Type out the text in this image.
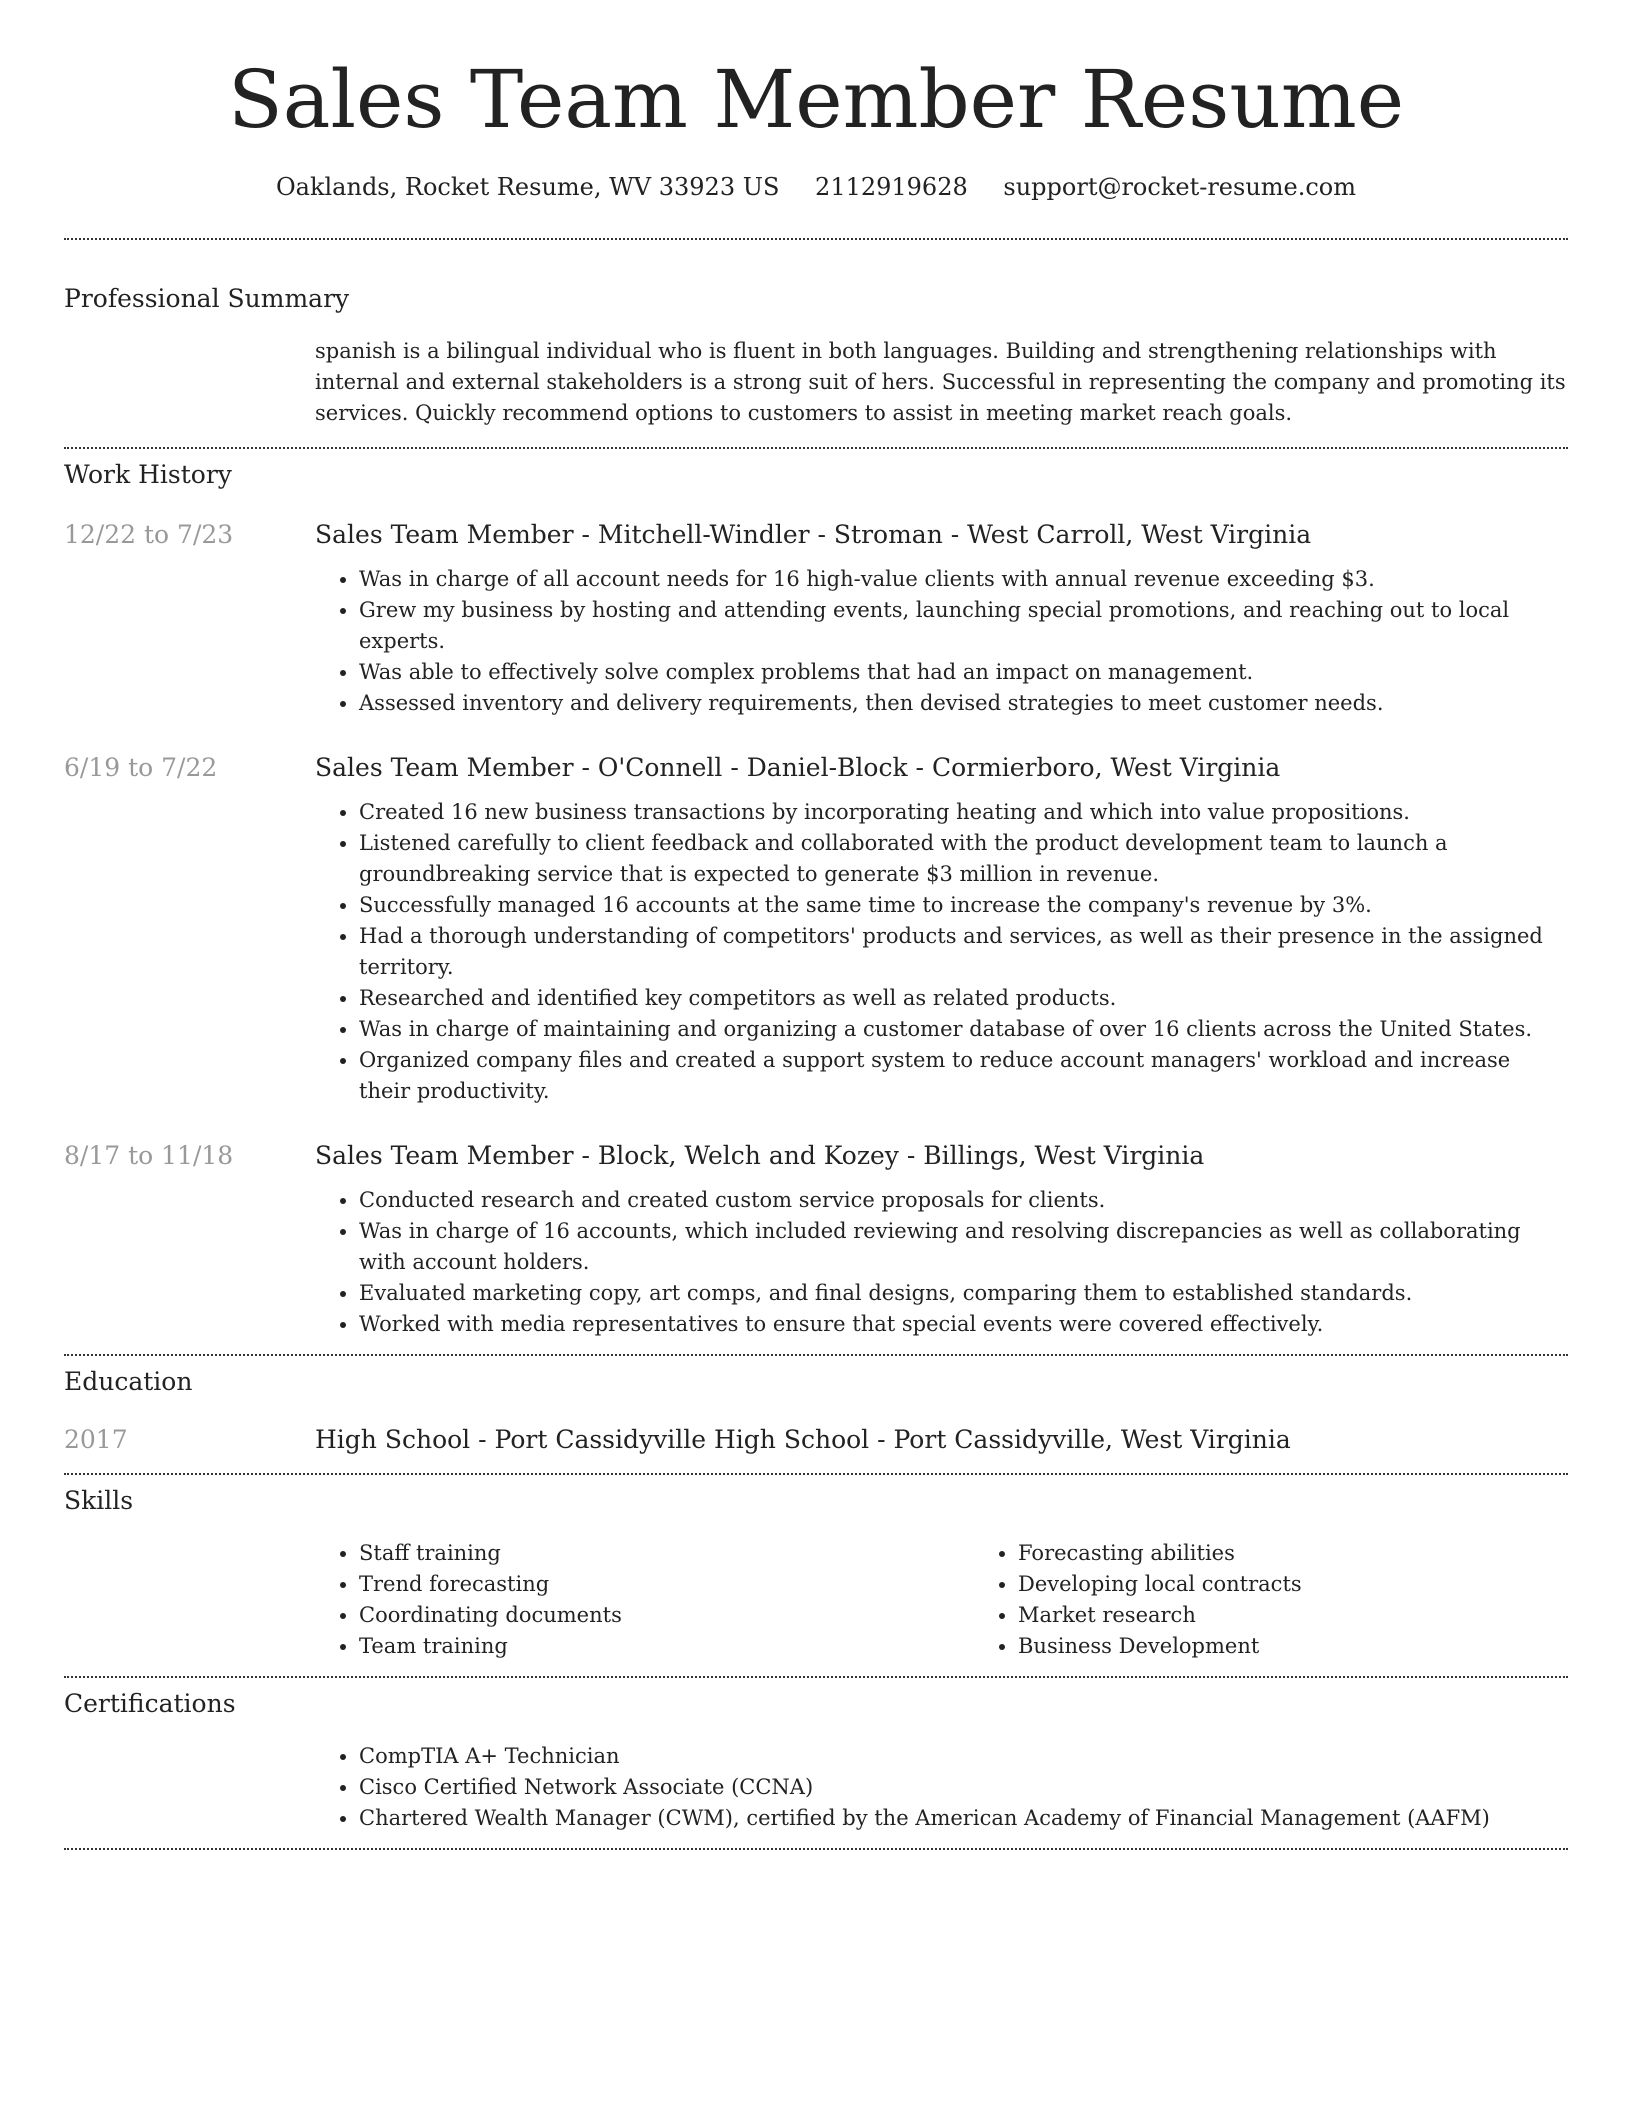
Sales Team Member Resume
Oaklands, Rocket Resume, WV 33923 US 2112919628 support@rocket-resume.com
Professional Summary

spanish is a bilingual individual who is fluent in both languages. Building and strengthening relationships with internal and external stakeholders is a strong suit of hers. Successful in representing the company and promoting its services. Quickly recommend options to customers to assist in meeting market reach goals.

Work History
12/22 to 7/23	Sales Team Member - Mitchell-Windler - Stroman - West Carroll, West Virginia
• Was in charge of all account needs for 16 high-value clients with annual revenue exceeding $3.
• Grew my business by hosting and attending events, launching special promotions, and reaching out to local experts.
• Was able to effectively solve complex problems that had an impact on management.
• Assessed inventory and delivery requirements, then devised strategies to meet customer needs.
6/19 to 7/22	Sales Team Member - O'Connell - Daniel-Block - Cormierboro, West Virginia
• Created 16 new business transactions by incorporating heating and which into value propositions.
• Listened carefully to client feedback and collaborated with the product development team to launch a groundbreaking service that is expected to generate $3 million in revenue.
• Successfully managed 16 accounts at the same time to increase the company's revenue by 3%.
• Had a thorough understanding of competitors' products and services, as well as their presence in the assigned territory.
• Researched and identified key competitors as well as related products.
• Was in charge of maintaining and organizing a customer database of over 16 clients across the United States.
• Organized company files and created a support system to reduce account managers' workload and increase their productivity.
8/17 to 11/18	Sales Team Member - Block, Welch and Kozey - Billings, West Virginia
• Conducted research and created custom service proposals for clients.
• Was in charge of 16 accounts, which included reviewing and resolving discrepancies as well as collaborating with account holders.
• Evaluated marketing copy, art comps, and final designs, comparing them to established standards.
• Worked with media representatives to ensure that special events were covered effectively.
Education
2017	High School - Port Cassidyville High School - Port Cassidyville, West Virginia
Skills
• Staff training
• Trend forecasting
• Coordinating documents
• Team training
• Forecasting abilities
• Developing local contracts
• Market research
• Business Development
Certifications
• CompTIA A+ Technician
• Cisco Certified Network Associate (CCNA)
• Chartered Wealth Manager (CWM), certified by the American Academy of Financial Management (AAFM)
